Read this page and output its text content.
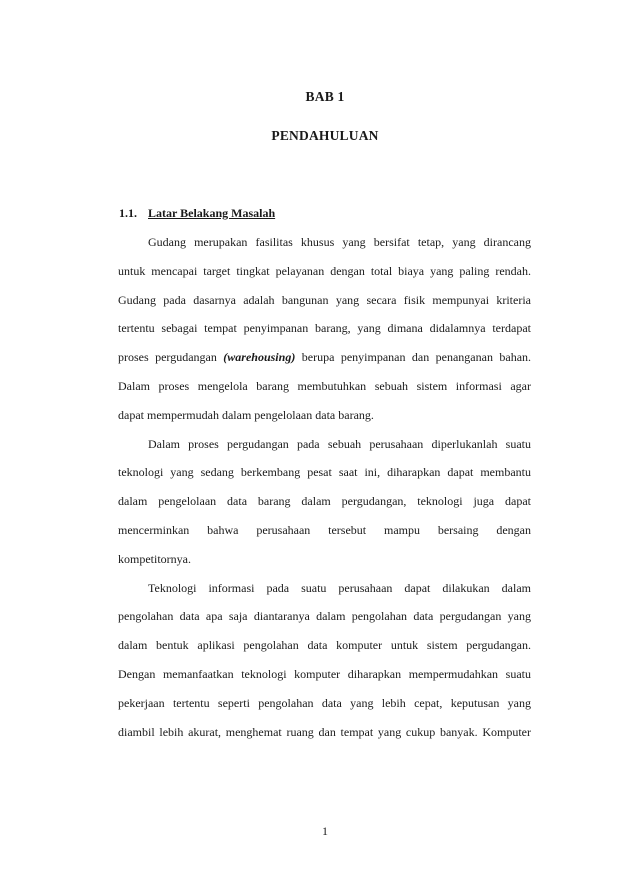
BAB 1
PENDAHULUAN
1.1. Latar Belakang Masalah
Gudang merupakan fasilitas khusus yang bersifat tetap, yang dirancang
untuk mencapai target tingkat pelayanan dengan total biaya yang paling rendah.
Gudang pada dasarnya adalah bangunan yang secara fisik mempunyai kriteria
tertentu sebagai tempat penyimpanan barang, yang dimana didalamnya terdapat
proses pergudangan (warehousing) berupa penyimpanan dan penanganan bahan.
Dalam proses mengelola barang membutuhkan sebuah sistem informasi agar
dapat mempermudah dalam pengelolaan data barang.
Dalam proses pergudangan pada sebuah perusahaan diperlukanlah suatu
teknologi yang sedang berkembang pesat saat ini, diharapkan dapat membantu
dalam pengelolaan data barang dalam pergudangan, teknologi juga dapat
mencerminkan bahwa perusahaan tersebut mampu bersaing dengan
kompetitornya.
Teknologi informasi pada suatu perusahaan dapat dilakukan dalam
pengolahan data apa saja diantaranya dalam pengolahan data pergudangan yang
dalam bentuk aplikasi pengolahan data komputer untuk sistem pergudangan.
Dengan memanfaatkan teknologi komputer diharapkan mempermudahkan suatu
pekerjaan tertentu seperti pengolahan data yang lebih cepat, keputusan yang
diambil lebih akurat, menghemat ruang dan tempat yang cukup banyak. Komputer
1
